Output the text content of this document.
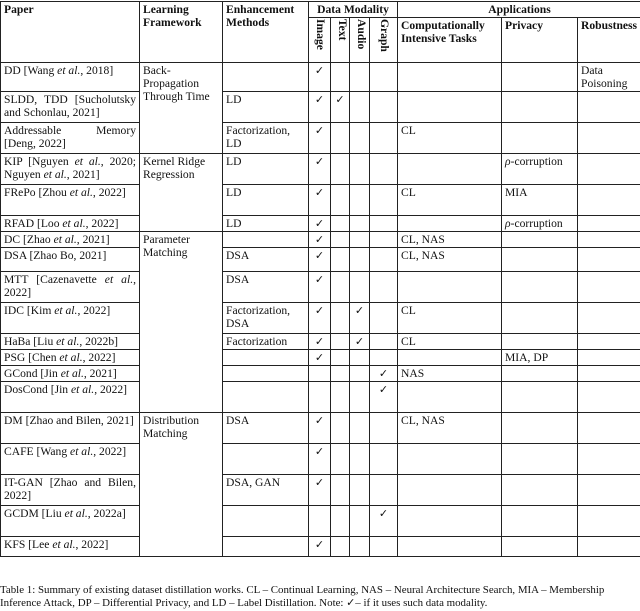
Paper	Learning Framework	Enhancement Methods	Data Modality				Applications		
			Image	Text	Audio	Graph	Computationally Intensive Tasks	Privacy	Robustness
DD [Wang et al., 2018]	Back-Propagation Through Time		✓						Data Poisoning
SLDD, TDD [Sucholutsky and Schonlau, 2021]		LD	✓	✓					
Addressable Memory [Deng, 2022]		Factorization, LD	✓				CL		
KIP [Nguyen et al., 2020; Nguyen et al., 2021]	Kernel Ridge Regression	LD	✓					ρ-corruption	
FRePo [Zhou et al., 2022]		LD	✓				CL	MIA	
RFAD [Loo et al., 2022]		LD	✓					ρ-corruption	
DC [Zhao et al., 2021]	Parameter Matching		✓				CL, NAS		
DSA [Zhao Bo, 2021]		DSA	✓				CL, NAS		
MTT [Cazenavette et al., 2022]		DSA	✓						
IDC [Kim et al., 2022]		Factorization, DSA	✓		✓		CL		
HaBa [Liu et al., 2022b]		Factorization	✓		✓		CL		
PSG [Chen et al., 2022]			✓					MIA, DP	
GCond [Jin et al., 2021]						✓	NAS		
DosCond [Jin et al., 2022]						✓			
DM [Zhao and Bilen, 2021]	Distribution Matching	DSA	✓				CL, NAS		
CAFE [Wang et al., 2022]			✓						
IT-GAN [Zhao and Bilen, 2022]		DSA, GAN	✓						
GCDM [Liu et al., 2022a]						✓			
KFS [Lee et al., 2022]			✓						
Table 1: Summary of existing dataset distillation works. CL – Continual Learning, NAS – Neural Architecture Search, MIA – Membership Inference Attack, DP – Differential Privacy, and LD – Label Distillation. Note: ✓– if it uses such data modality.
